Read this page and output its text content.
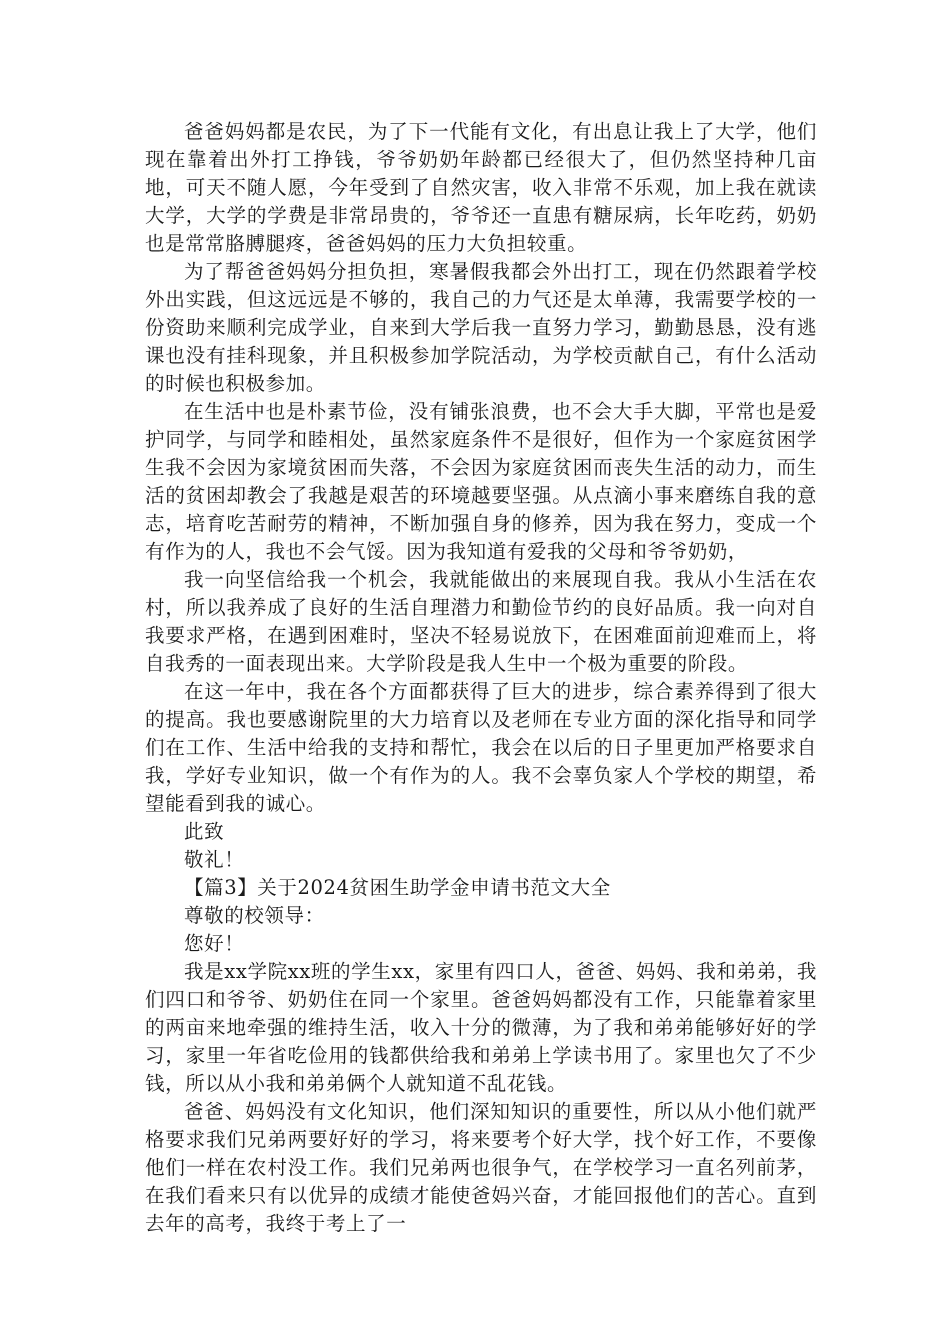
爸爸妈妈都是农民，为了下一代能有文化，有出息让我上了大学，他们现在靠着出外打工挣钱，爷爷奶奶年龄都已经很大了，但仍然坚持种几亩地，可天不随人愿，今年受到了自然灾害，收入非常不乐观，加上我在就读大学，大学的学费是非常昂贵的，爷爷还一直患有糖尿病，长年吃药，奶奶也是常常胳膊腿疼，爸爸妈妈的压力大负担较重。

为了帮爸爸妈妈分担负担，寒暑假我都会外出打工，现在仍然跟着学校外出实践，但这远远是不够的，我自己的力气还是太单薄，我需要学校的一份资助来顺利完成学业，自来到大学后我一直努力学习，勤勤恳恳，没有逃课也没有挂科现象，并且积极参加学院活动，为学校贡献自己，有什么活动的时候也积极参加。

在生活中也是朴素节俭，没有铺张浪费，也不会大手大脚，平常也是爱护同学，与同学和睦相处，虽然家庭条件不是很好，但作为一个家庭贫困学生我不会因为家境贫困而失落，不会因为家庭贫困而丧失生活的动力，而生活的贫困却教会了我越是艰苦的环境越要坚强。从点滴小事来磨练自我的意志，培育吃苦耐劳的精神，不断加强自身的修养，因为我在努力，变成一个有作为的人，我也不会气馁。因为我知道有爱我的父母和爷爷奶奶，

我一向坚信给我一个机会，我就能做出的来展现自我。我从小生活在农村，所以我养成了良好的生活自理潜力和勤俭节约的良好品质。我一向对自我要求严格，在遇到困难时，坚决不轻易说放下，在困难面前迎难而上，将自我秀的一面表现出来。大学阶段是我人生中一个极为重要的阶段。

在这一年中，我在各个方面都获得了巨大的进步，综合素养得到了很大的提高。我也要感谢院里的大力培育以及老师在专业方面的深化指导和同学们在工作、生活中给我的支持和帮忙，我会在以后的日子里更加严格要求自我，学好专业知识，做一个有作为的人。我不会辜负家人个学校的期望，希望能看到我的诚心。

此致

敬礼！

【篇3】关于2024贫困生助学金申请书范文大全

尊敬的校领导：

您好！

我是xx学院xx班的学生xx，家里有四口人，爸爸、妈妈、我和弟弟，我们四口和爷爷、奶奶住在同一个家里。爸爸妈妈都没有工作，只能靠着家里的两亩来地牵强的维持生活，收入十分的微薄，为了我和弟弟能够好好的学习，家里一年省吃俭用的钱都供给我和弟弟上学读书用了。家里也欠了不少钱，所以从小我和弟弟俩个人就知道不乱花钱。

爸爸、妈妈没有文化知识，他们深知知识的重要性，所以从小他们就严格要求我们兄弟两要好好的学习，将来要考个好大学，找个好工作，不要像他们一样在农村没工作。我们兄弟两也很争气，在学校学习一直名列前茅，在我们看来只有以优异的成绩才能使爸妈兴奋，才能回报他们的苦心。直到去年的高考，我终于考上了一
